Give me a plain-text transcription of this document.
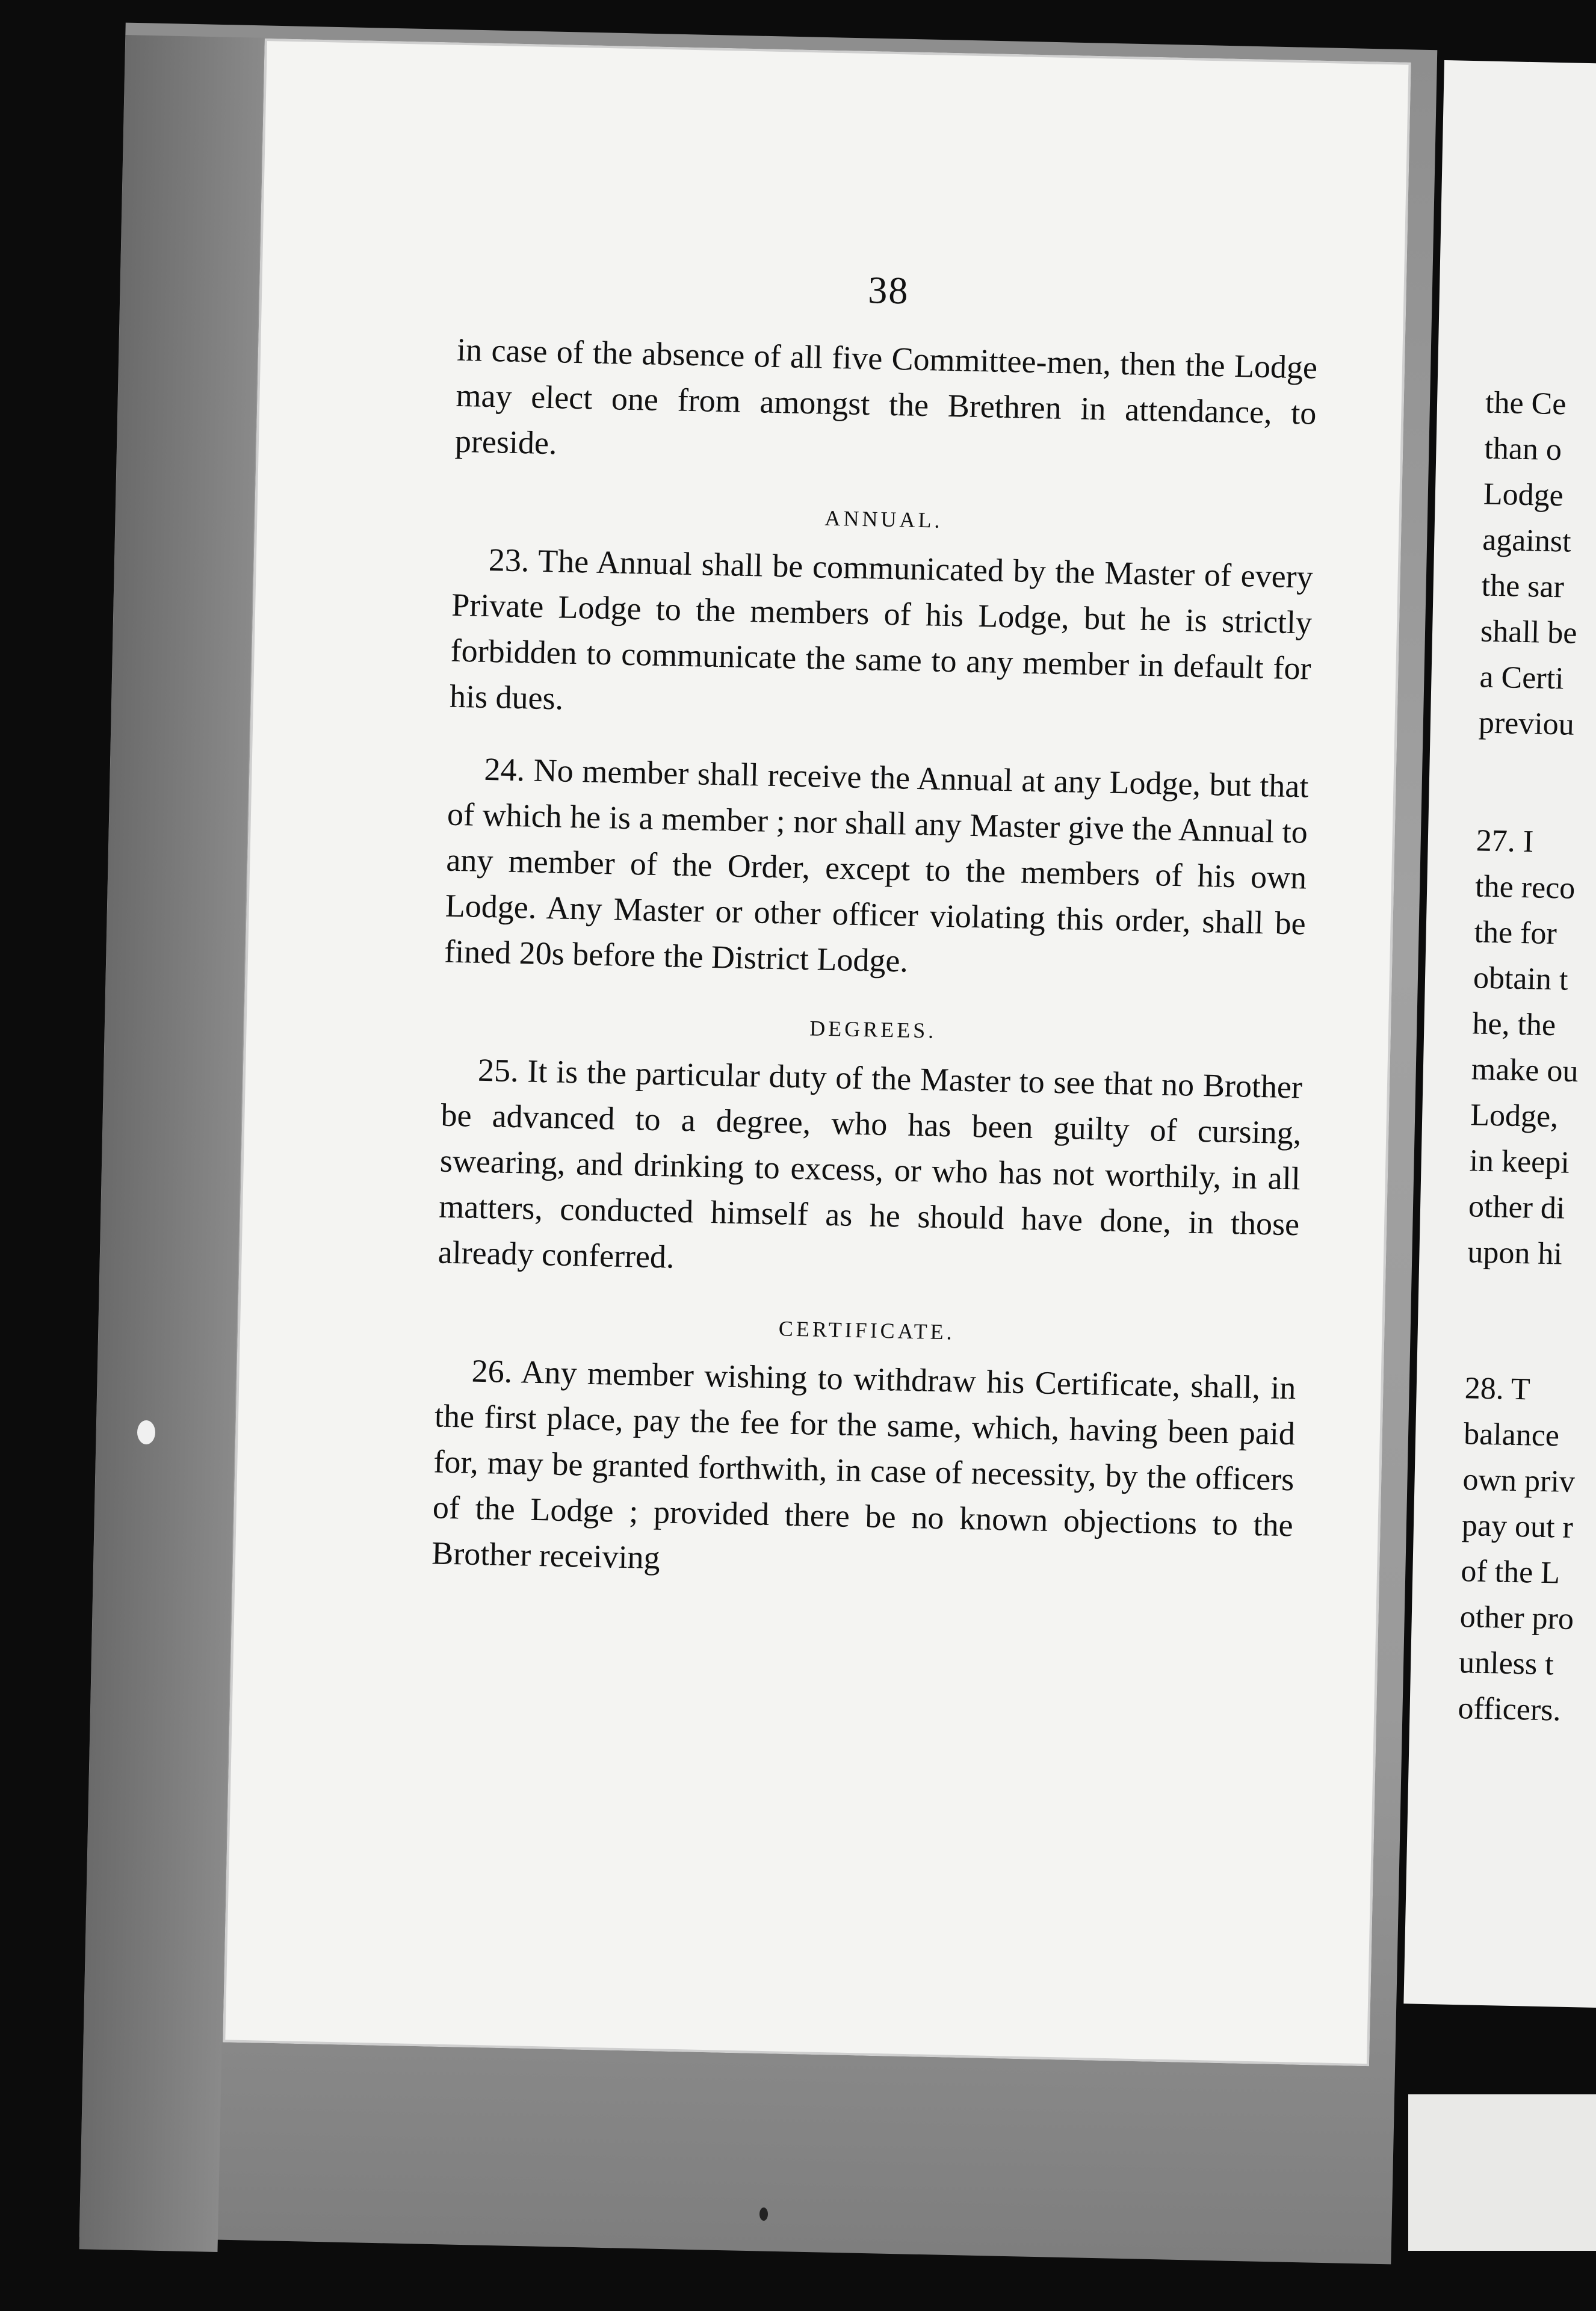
the Ce
than o
Lodge
against
the sar
shall be
a Certi
previou
27. I
the reco
the for
obtain t
he, the
make ou
Lodge,
in keepi
other di
upon hi
28. T
balance
own priv
pay out r
of the L
other pro
unless t
officers.
38

in case of the absence of all five Committee-men, then the Lodge may elect one from amongst the Brethren in attendance, to preside.

ANNUAL.

23. The Annual shall be communicated by the Master of every Private Lodge to the members of his Lodge, but he is strictly forbidden to communicate the same to any member in default for his dues.

24. No member shall receive the Annual at any Lodge, but that of which he is a member ; nor shall any Master give the Annual to any member of the Order, except to the members of his own Lodge. Any Master or other officer violating this order, shall be fined 20s before the District Lodge.

DEGREES.

25. It is the particular duty of the Master to see that no Brother be advanced to a degree, who has been guilty of cursing, swearing, and drinking to excess, or who has not worthily, in all matters, conducted himself as he should have done, in those already conferred.

CERTIFICATE.

26. Any member wishing to withdraw his Certificate, shall, in the first place, pay the fee for the same, which, having been paid for, may be granted forthwith, in case of necessity, by the officers of the Lodge ; provided there be no known objections to the Brother receiving
